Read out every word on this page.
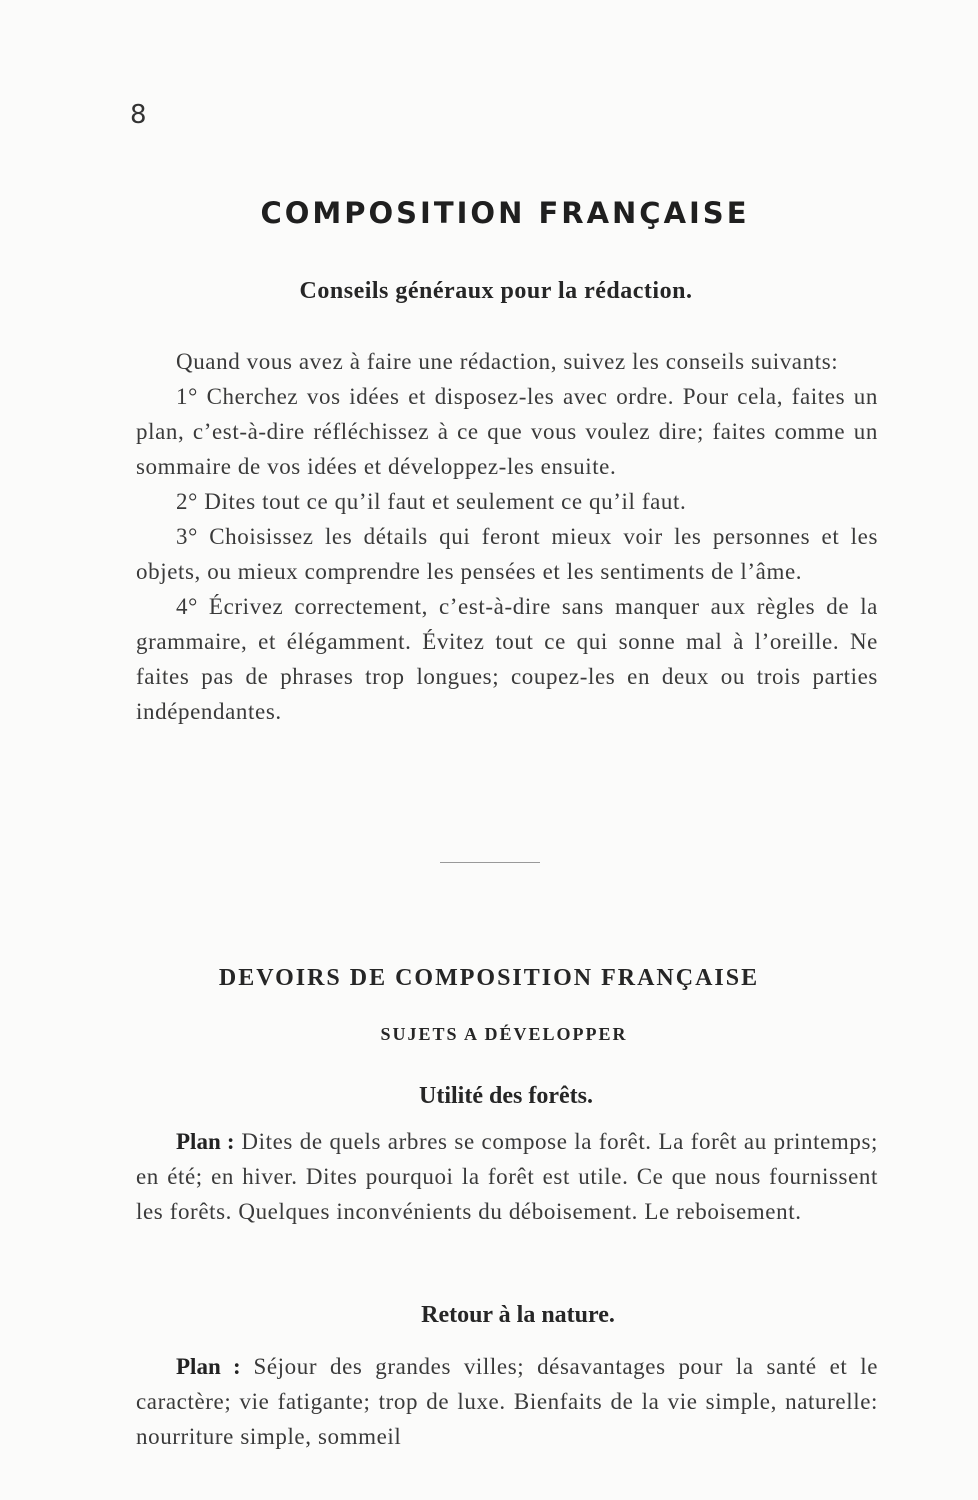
8
COMPOSITION FRANÇAISE
Conseils généraux pour la rédaction.

Quand vous avez à faire une rédaction, suivez les conseils suivants:

1° Cherchez vos idées et disposez-les avec ordre. Pour cela, faites un plan, c’est-à-dire réfléchissez à ce que vous voulez dire; faites comme un sommaire de vos idées et développez-les ensuite.

2° Dites tout ce qu’il faut et seulement ce qu’il faut.

3° Choisissez les détails qui feront mieux voir les personnes et les objets, ou mieux comprendre les pensées et les sentiments de l’âme.

4° Écrivez correctement, c’est-à-dire sans manquer aux règles de la grammaire, et élégamment. Évitez tout ce qui sonne mal à l’oreille. Ne faites pas de phrases trop longues; coupez-les en deux ou trois parties indépendantes.

DEVOIRS DE COMPOSITION FRANÇAISE
SUJETS A DÉVELOPPER
Utilité des forêts.

Plan : Dites de quels arbres se compose la forêt. La forêt au printemps; en été; en hiver. Dites pourquoi la forêt est utile. Ce que nous fournissent les forêts. Quelques inconvénients du déboisement. Le reboisement.

Retour à la nature.

Plan : Séjour des grandes villes; désavantages pour la santé et le caractère; vie fatigante; trop de luxe. Bienfaits de la vie simple, naturelle: nourriture simple, sommeil
